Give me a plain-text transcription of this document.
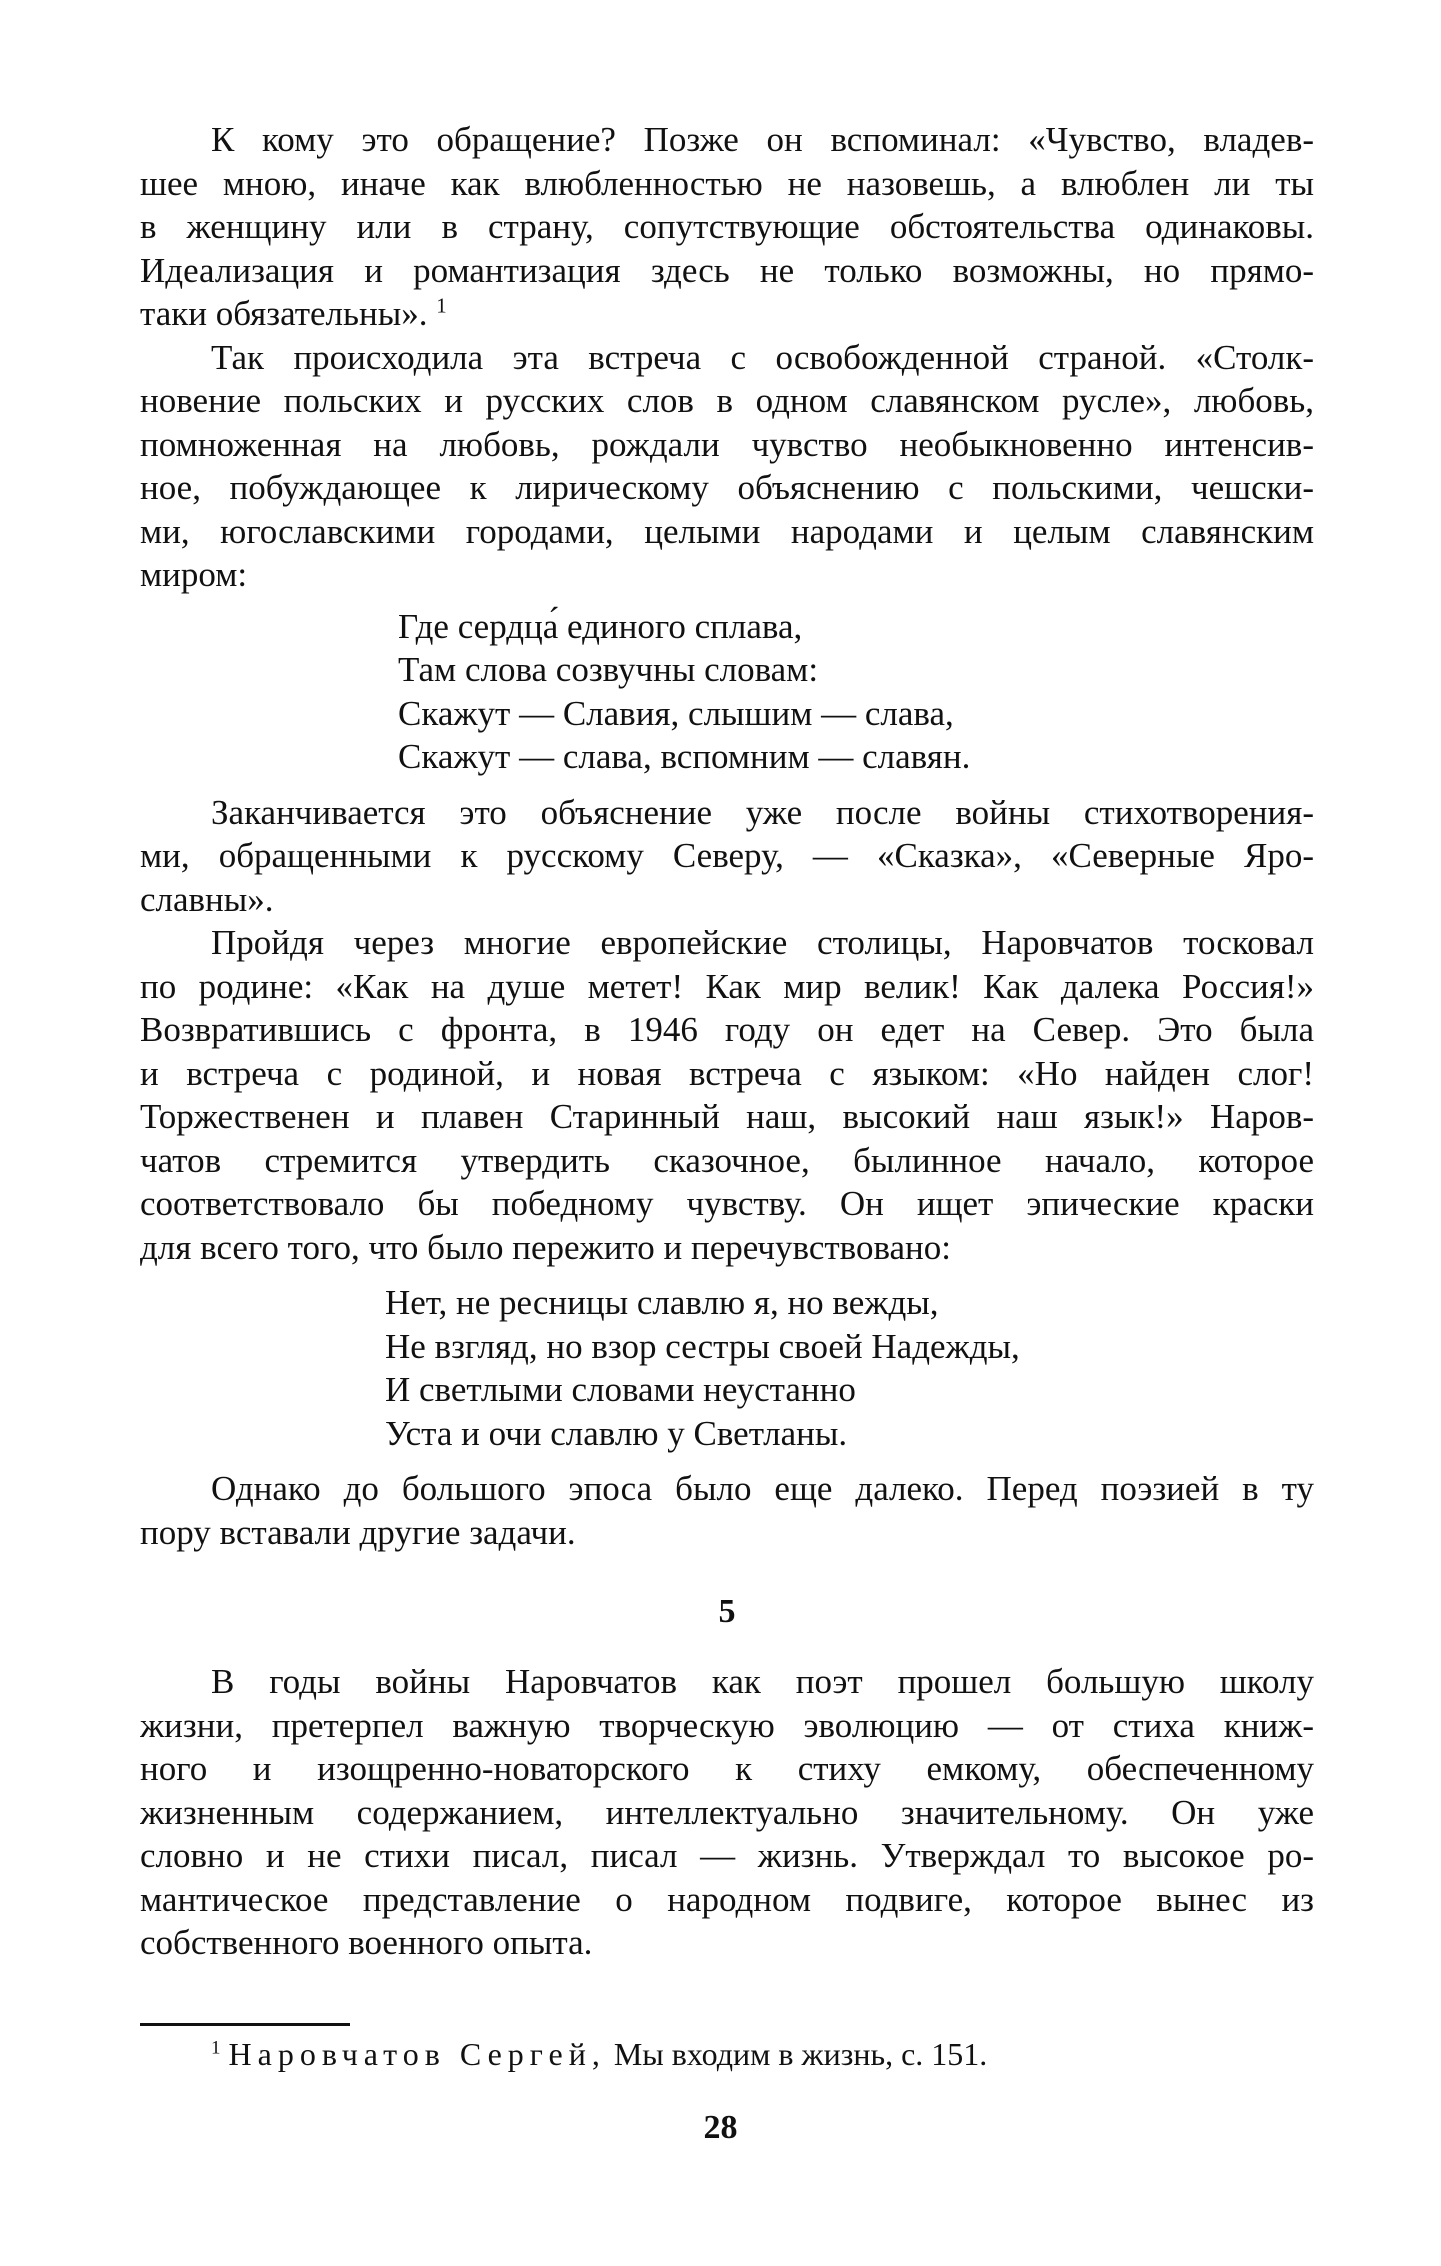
К кому это обращение? Позже он вспоминал: «Чувство, владев-
шее мною, иначе как влюбленностью не назовешь, а влюблен ли ты
в женщину или в страну, сопутствующие обстоятельства одинаковы.
Идеализация и романтизация здесь не только возможны, но прямо-
таки обязательны». $^1$
Так происходила эта встреча с освобожденной страной. «Столк-
новение польских и русских слов в одном славянском русле», любовь,
помноженная на любовь, рождали чувство необыкновенно интенсив-
ное, побуждающее к лирическому объяснению с польскими, чешски-
ми, югославскими городами, целыми народами и целым славянским
миром:
Где сердца́ единого сплава,
Там слова созвучны словам:
Скажут — Славия, слышим — слава,
Скажут — слава, вспомним — славян.
Заканчивается это объяснение уже после войны стихотворения-
ми, обращенными к русскому Северу, — «Сказка», «Северные Яро-
славны».
Пройдя через многие европейские столицы, Наровчатов тосковал
по родине: «Как на душе метет! Как мир велик! Как далека Россия!»
Возвратившись с фронта, в 1946 году он едет на Север. Это была
и встреча с родиной, и новая встреча с языком: «Но найден слог!
Торжественен и плавен Старинный наш, высокий наш язык!» Наров-
чатов стремится утвердить сказочное, былинное начало, которое
соответствовало бы победному чувству. Он ищет эпические краски
для всего того, что было пережито и перечувствовано:
Нет, не ресницы славлю я, но вежды,
Не взгляд, но взор сестры своей Надежды,
И светлыми словами неустанно
Уста и очи славлю у Светланы.
Однако до большого эпоса было еще далеко. Перед поэзией в ту
пору вставали другие задачи.
5
В годы войны Наровчатов как поэт прошел большую школу
жизни, претерпел важную творческую эволюцию — от стиха книж-
ного и изощренно-новаторского к стиху емкому, обеспеченному
жизненным содержанием, интеллектуально значительному. Он уже
словно и не стихи писал, писал — жизнь. Утверждал то высокое ро-
мантическое представление о народном подвиге, которое вынес из
собственного военного опыта.
$^1$ Наровчатов Сергей, Мы входим в жизнь, с. 151.
28
